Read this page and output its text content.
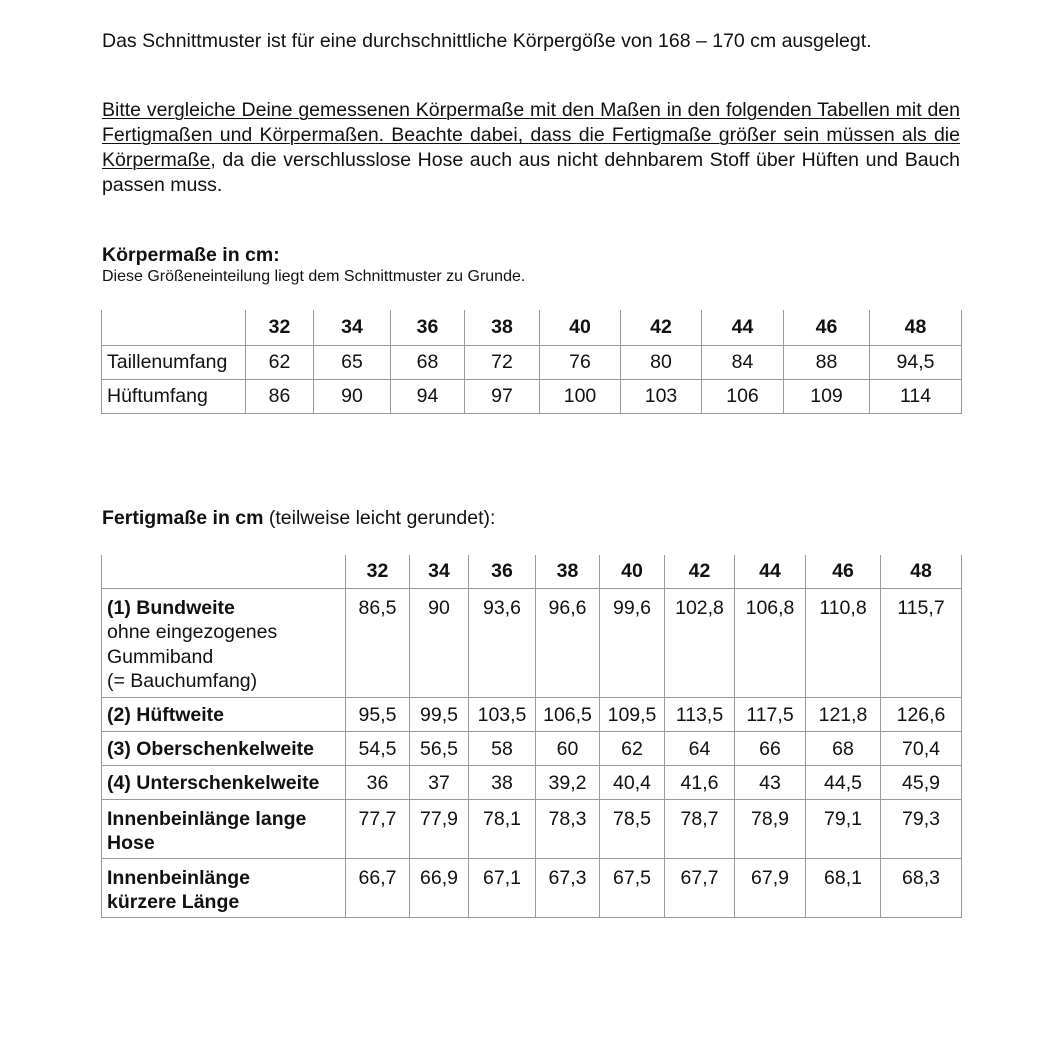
Das Schnittmuster ist für eine durchschnittliche Körpergöße von 168 – 170 cm ausgelegt.

Bitte vergleiche Deine gemessenen Körpermaße mit den Maßen in den folgenden Tabellen mit den Fertigmaßen und Körpermaßen. Beachte dabei, dass die Fertigmaße größer sein müssen als die Körpermaße, da die verschlusslose Hose auch aus nicht dehnbarem Stoff über Hüften und Bauch passen muss.

Körpermaße in cm:

Diese Größeneinteilung liegt dem Schnittmuster zu Grunde.

	32	34	36	38	40	42	44	46	48
Taillenumfang	62	65	68	72	76	80	84	88	94,5
Hüftumfang	86	90	94	97	100	103	106	109	114

Fertigmaße in cm (teilweise leicht gerundet):

	32	34	36	38	40	42	44	46	48
(1) Bundweite
ohne eingezogenes
Gummiband
(= Bauchumfang)	86,5	90	93,6	96,6	99,6	102,8	106,8	110,8	115,7
(2) Hüftweite	95,5	99,5	103,5	106,5	109,5	113,5	117,5	121,8	126,6
(3) Oberschenkelweite	54,5	56,5	58	60	62	64	66	68	70,4
(4) Unterschenkelweite	36	37	38	39,2	40,4	41,6	43	44,5	45,9
Innenbeinlänge lange
Hose	77,7	77,9	78,1	78,3	78,5	78,7	78,9	79,1	79,3
Innenbeinlänge
kürzere Länge	66,7	66,9	67,1	67,3	67,5	67,7	67,9	68,1	68,3
